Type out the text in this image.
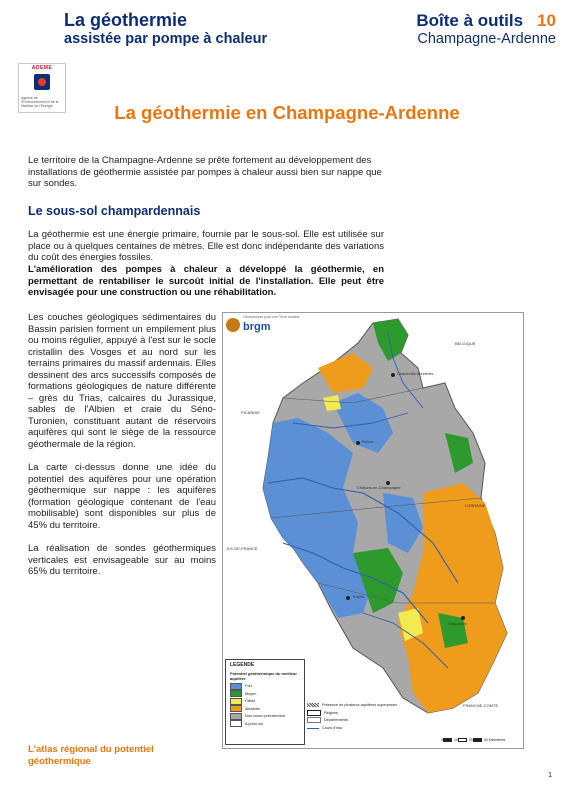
La géothermie
assistée par pompe à chaleur
Boîte à outils 10
Champagne-Ardenne
ADEME
Agence de l'Environnement et de la Maîtrise de l'Energie	La géothermie en Champagne-Ardenne
Le territoire de la Champagne-Ardenne se prête fortement au développement des installations de géothermie assistée par pompes à chaleur aussi bien sur nappe que sur sondes.
Le sous-sol champardennais
La géothermie est une énergie primaire, fournie par le sous-sol. Elle est utilisée sur place ou à quelques centaines de mètres. Elle est donc indépendante des variations du coût des énergies fossiles.
L'amélioration des pompes à chaleur a développé la géothermie, en permettant de rentabiliser le surcoût initial de l'installation. Elle peut être envisagée pour une construction ou une réhabilitation.

Les couches géologiques sédimentaires du Bassin parisien forment un empilement plus ou moins régulier, appuyé à l'est sur le socle cristallin des Vosges et au nord sur les terrains primaires du massif ardennais. Elles dessinent des arcs successifs composés de formations géologiques de nature différente – grès du Trias, calcaires du Jurassique, sables de l'Albien et craie du Séno-Turonien, constituant autant de réservoirs aquifères qui sont le siège de la ressource géothermale de la région.

La carte ci-dessus donne une idée du potentiel des aquifères pour une opération géothermique sur nappe : les aquifères (formation géologique contenant de l'eau mobilisable) sont disponibles sur plus de 45% du territoire.

La réalisation de sondes géothermiques verticales est envisageable sur au moins 65% du territoire.

Géosciences pour une Terre durable
brgm
BELGIQUE
PICARDIE
LORRAINE
ILE-DE-FRANCE
Charleville-Mézières
Reims
Châlons-en-Champagne
Troyes
Chaumont
FRANCHE-COMTE
LEGENDE
Potentiel géothermique du meilleur aquifère
Fort
Moyen
Faible
Aléatoire
Non connu précisément
A priori nul
Présence de plusieurs aquifères superposés
Régions
Départements
Cours d'eau
10	20	40 Kilomètres
L'atlas régional du potentiel géothermique
1
